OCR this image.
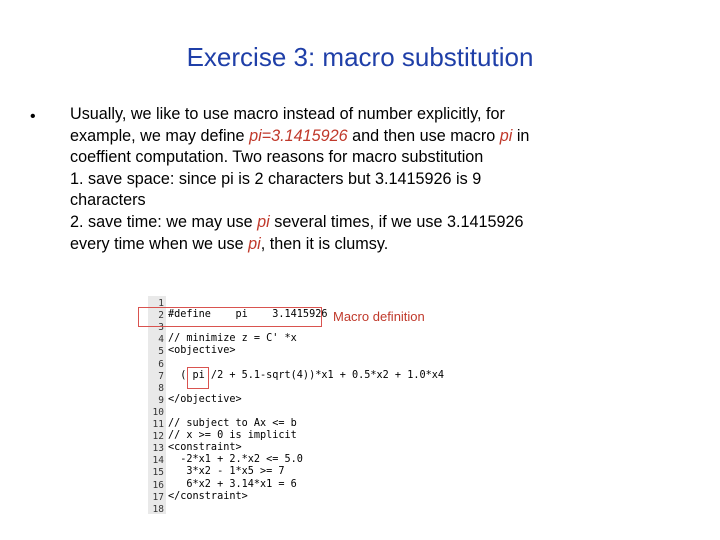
Exercise 3: macro substitution
• Usually, we like to use macro instead of number explicitly, for
example, we may define pi=3.1415926 and then use macro pi in
coeffient computation. Two reasons for macro substitution
1. save space: since pi is 2 characters but 3.1415926 is 9
characters
2. save time: we may use pi several times, if we use 3.1415926
every time when we use pi, then it is clumsy.
1
2 #define    pi    3.1415926
3
4 // minimize z = C' *x
5 <objective>
6
7 ( pi /2 + 5.1-sqrt(4))*x1 + 0.5*x2 + 1.0*x4
8
9 </objective>
10
11 // subject to Ax <= b
12 // x >= 0 is implicit
13 <constraint>
14 -2*x1 + 2.*x2 <= 5.0
15 3*x2 - 1*x5 >= 7
16 6*x2 + 3.14*x1 = 6
17 </constraint>
18
Macro definition
